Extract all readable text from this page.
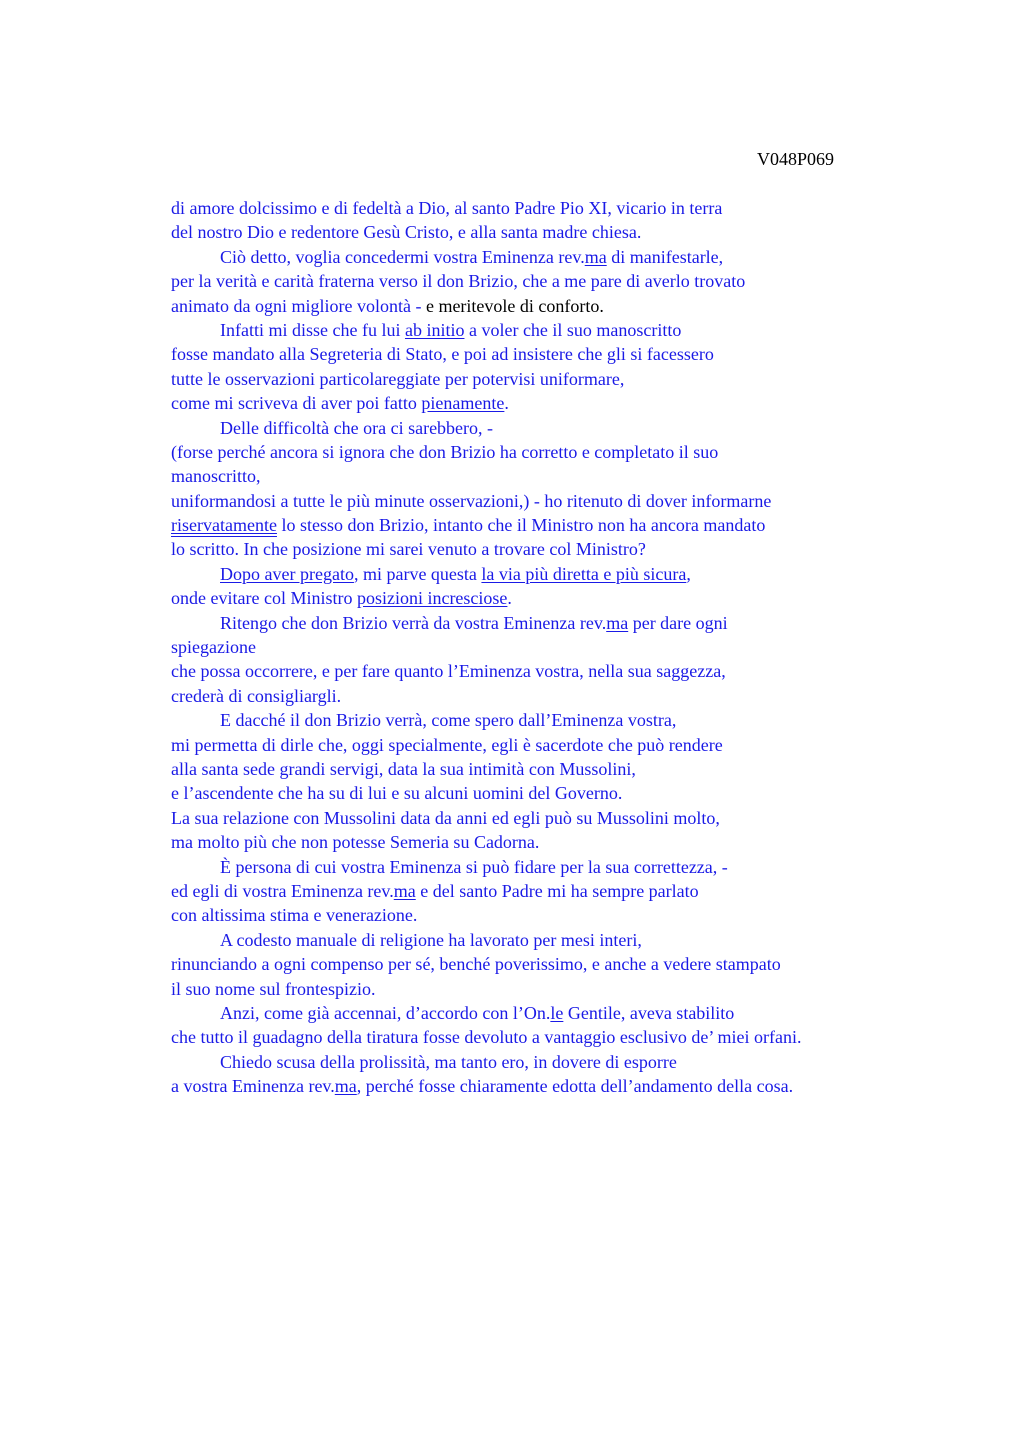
V048P069
di amore dolcissimo e di fedeltà a Dio, al santo Padre Pio XI, vicario in terra
del nostro Dio e redentore Gesù Cristo, e alla santa madre chiesa.
Ciò detto, voglia concedermi vostra Eminenza rev.ma di manifestarle,
per la verità e carità fraterna verso il don Brizio, che a me pare di averlo trovato
animato da ogni migliore volontà - e meritevole di conforto.
Infatti mi disse che fu lui ab initio a voler che il suo manoscritto
fosse mandato alla Segreteria di Stato, e poi ad insistere che gli si facessero
tutte le osservazioni particolareggiate per potervisi uniformare,
come mi scriveva di aver poi fatto pienamente.
Delle difficoltà che ora ci sarebbero, -
(forse perché ancora si ignora che don Brizio ha corretto e completato il suo
manoscritto,
uniformandosi a tutte le più minute osservazioni,) - ho ritenuto di dover informarne
riservatamente lo stesso don Brizio, intanto che il Ministro non ha ancora mandato
lo scritto. In che posizione mi sarei venuto a trovare col Ministro?
Dopo aver pregato, mi parve questa la via più diretta e più sicura,
onde evitare col Ministro posizioni incresciose.
Ritengo che don Brizio verrà da vostra Eminenza rev.ma per dare ogni
spiegazione
che possa occorrere, e per fare quanto l’Eminenza vostra, nella sua saggezza,
crederà di consigliargli.
E dacché il don Brizio verrà, come spero dall’Eminenza vostra,
mi permetta di dirle che, oggi specialmente, egli è sacerdote che può rendere
alla santa sede grandi servigi, data la sua intimità con Mussolini,
e l’ascendente che ha su di lui e su alcuni uomini del Governo.
La sua relazione con Mussolini data da anni ed egli può su Mussolini molto,
ma molto più che non potesse Semeria su Cadorna.
È persona di cui vostra Eminenza si può fidare per la sua correttezza, -
ed egli di vostra Eminenza rev.ma e del santo Padre mi ha sempre parlato
con altissima stima e venerazione.
A codesto manuale di religione ha lavorato per mesi interi,
rinunciando a ogni compenso per sé, benché poverissimo, e anche a vedere stampato
il suo nome sul frontespizio.
Anzi, come già accennai, d’accordo con l’On.le Gentile, aveva stabilito
che tutto il guadagno della tiratura fosse devoluto a vantaggio esclusivo de’ miei orfani.
Chiedo scusa della prolissità, ma tanto ero, in dovere di esporre
a vostra Eminenza rev.ma, perché fosse chiaramente edotta dell’andamento della cosa.
